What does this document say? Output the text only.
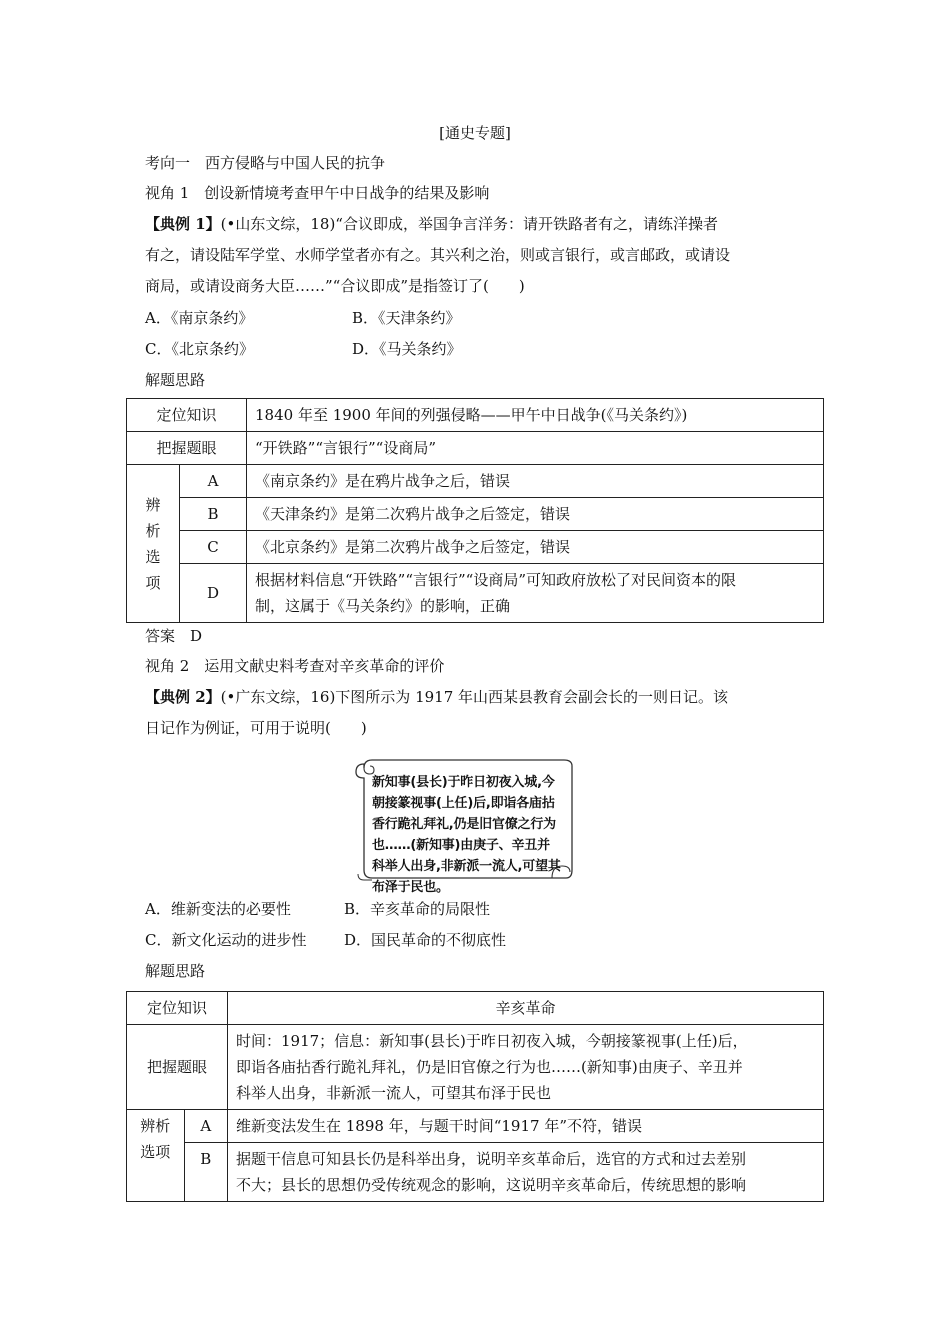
[通史专题]
考向一　西方侵略与中国人民的抗争
视角 1　创设新情境考查甲午中日战争的结果及影响
【典例 1】(•山东文综，18)“合议即成，举国争言洋务：请开铁路者有之，请练洋操者
有之，请设陆军学堂、水师学堂者亦有之。其兴利之治，则或言银行，或言邮政，或请设
商局，或请设商务大臣……”“合议即成”是指签订了(　　)
A．《南京条约》	B．《天津条约》
C．《北京条约》	D．《马关条约》
解题思路
定位知识		1840 年至 1900 年间的列强侵略——甲午中日战争(《马关条约》)
把握题眼		“开铁路”“言银行”“设商局”

辨
析
选
项	A	《南京条约》是在鸦片战争之后，错误
	B	《天津条约》是第二次鸦片战争之后签定，错误
	C	《北京条约》是第二次鸦片战争之后签定，错误
	D	根据材料信息“开铁路”“言银行”“设商局”可知政府放松了对民间资本的限
制，这属于《马关条约》的影响，正确
答案　D
视角 2　运用文献史料考查对辛亥革命的评价
【典例 2】(•广东文综，16)下图所示为 1917 年山西某县教育会副会长的一则日记。该
日记作为例证，可用于说明(　　)
新知事(县长)于昨日初夜入城,今朝接篆视事(上任)后,即诣各庙拈香行跪礼拜礼,仍是旧官僚之行为也……(新知事)由庚子、辛丑并科举人出身,非新派一流人,可望其布泽于民也。
A．维新变法的必要性	B．辛亥革命的局限性
C．新文化运动的进步性	D．国民革命的不彻底性
解题思路
定位知识		辛亥革命
把握题眼		时间：1917；信息：新知事(县长)于昨日初夜入城，今朝接篆视事(上任)后，
即诣各庙拈香行跪礼拜礼，仍是旧官僚之行为也……(新知事)由庚子、辛丑并
科举人出身，非新派一流人，可望其布泽于民也

辨析
选项	A	维新变法发生在 1898 年，与题干时间“1917 年”不符，错误
	B	据题干信息可知县长仍是科举出身，说明辛亥革命后，选官的方式和过去差别
不大；县长的思想仍受传统观念的影响，这说明辛亥革命后，传统思想的影响
